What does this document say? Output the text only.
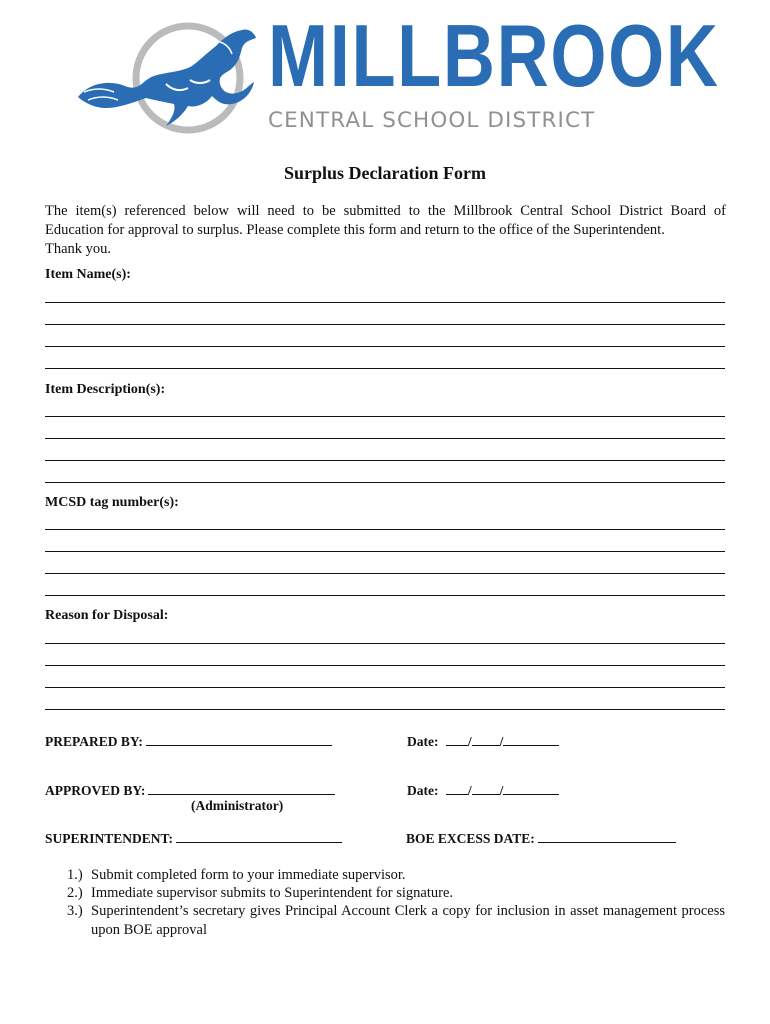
MILLBROOK
CENTRAL SCHOOL DISTRICT
Surplus Declaration Form
The item(s) referenced below will need to be submitted to the Millbrook Central School District Board of
Education for approval to surplus. Please complete this form and return to the office of the Superintendent.
Thank you.
Item Name(s):
Item Description(s):
MCSD tag number(s):
Reason for Disposal:
PREPARED BY:	Date: / /
APPROVED BY:	Date: / /
(Administrator)
SUPERINTENDENT:	BOE EXCESS DATE:
1.) Submit completed form to your immediate supervisor.
2.) Immediate supervisor submits to Superintendent for signature.
3.) Superintendent’s secretary gives Principal Account Clerk a copy for inclusion in asset management process upon BOE approval
